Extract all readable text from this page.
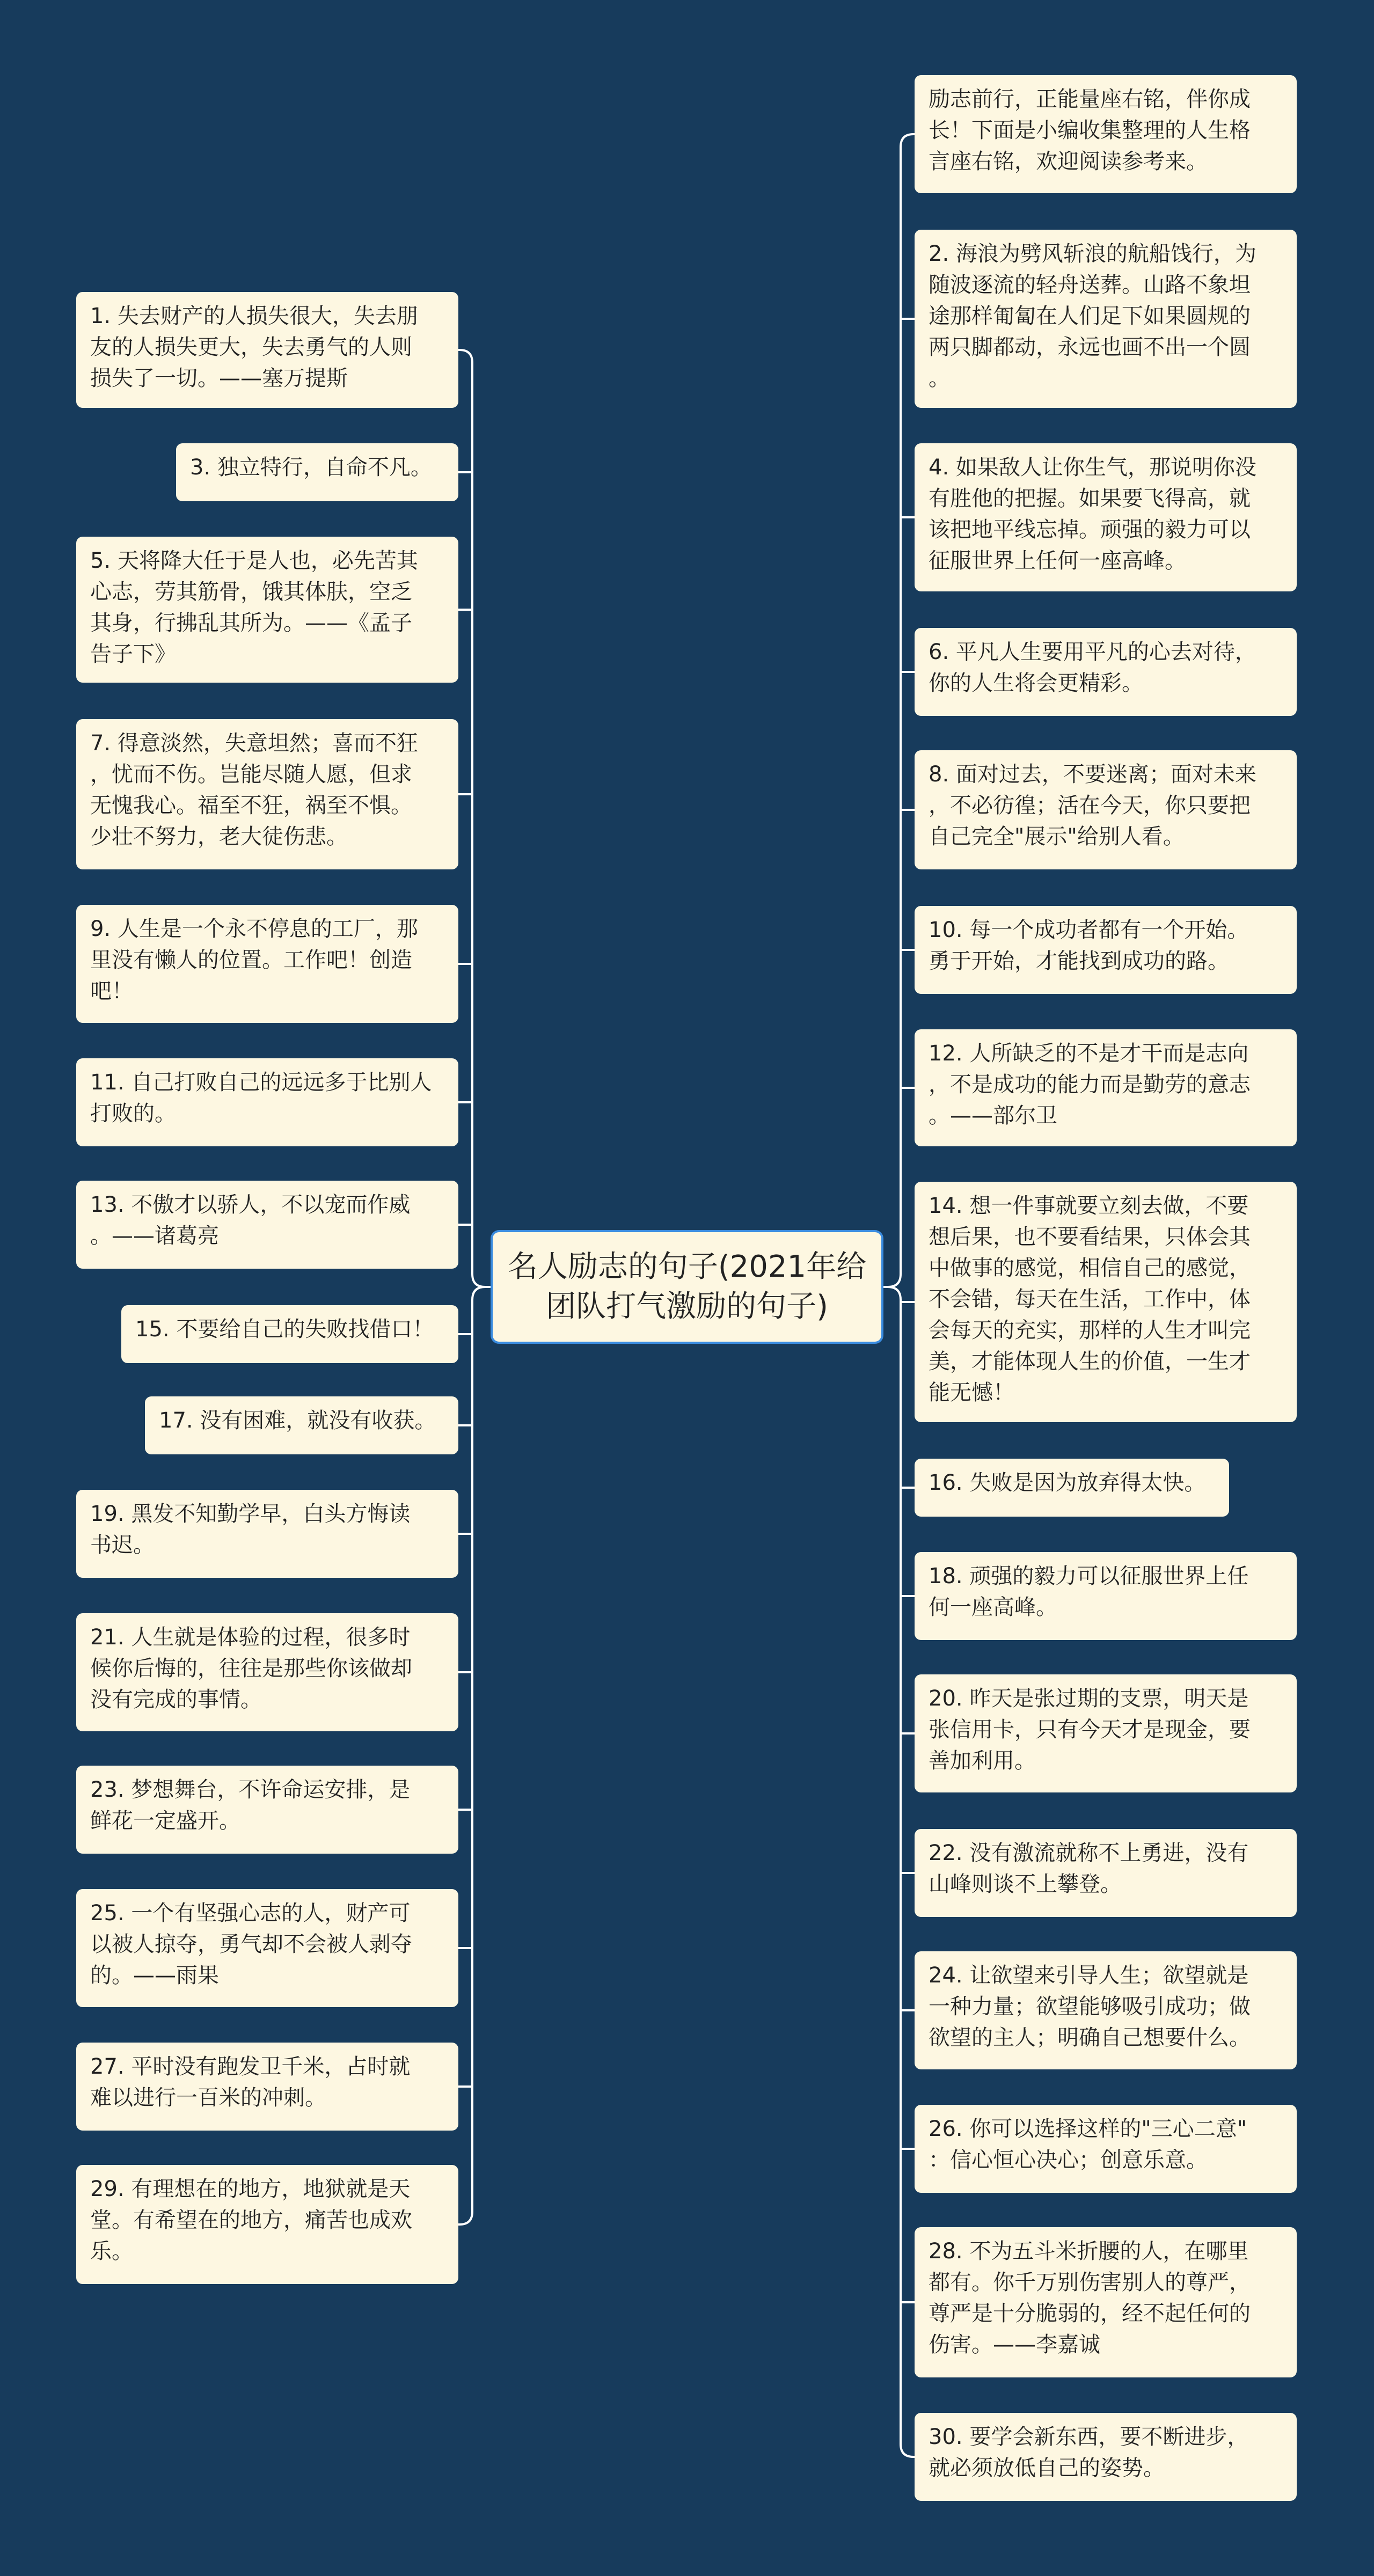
名人励志的句子(2021年给
团队打气激励的句子)
1. 失去财产的人损失很大，失去朋
友的人损失更大，失去勇气的人则
损失了一切。——塞万提斯
3. 独立特行，自命不凡。
5. 天将降大任于是人也，必先苦其
心志，劳其筋骨，饿其体肤，空乏
其身，行拂乱其所为。——《孟子
告子下》
7. 得意淡然，失意坦然；喜而不狂
，忧而不伤。岂能尽随人愿，但求
无愧我心。福至不狂，祸至不惧。
少壮不努力，老大徒伤悲。
9. 人生是一个永不停息的工厂，那
里没有懒人的位置。工作吧！创造
吧！
11. 自己打败自己的远远多于比别人
打败的。
13. 不傲才以骄人，不以宠而作威
。——诸葛亮
15. 不要给自己的失败找借口！
17. 没有困难，就没有收获。
19. 黑发不知勤学早，白头方悔读
书迟。
21. 人生就是体验的过程，很多时
候你后悔的，往往是那些你该做却
没有完成的事情。
23. 梦想舞台，不许命运安排，是
鲜花一定盛开。
25. 一个有坚强心志的人，财产可
以被人掠夺，勇气却不会被人剥夺
的。——雨果
27. 平时没有跑发卫千米，占时就
难以进行一百米的冲刺。
29. 有理想在的地方，地狱就是天
堂。有希望在的地方，痛苦也成欢
乐。
励志前行，正能量座右铭，伴你成
长！下面是小编收集整理的人生格
言座右铭，欢迎阅读参考来。
2. 海浪为劈风斩浪的航船饯行，为
随波逐流的轻舟送葬。山路不象坦
途那样匍匐在人们足下如果圆规的
两只脚都动，永远也画不出一个圆
。
4. 如果敌人让你生气，那说明你没
有胜他的把握。如果要飞得高，就
该把地平线忘掉。顽强的毅力可以
征服世界上任何一座高峰。
6. 平凡人生要用平凡的心去对待，
你的人生将会更精彩。
8. 面对过去，不要迷离；面对未来
，不必彷徨；活在今天，你只要把
自己完全"展示"给别人看。
10. 每一个成功者都有一个开始。
勇于开始，才能找到成功的路。
12. 人所缺乏的不是才干而是志向
，不是成功的能力而是勤劳的意志
。——部尔卫
14. 想一件事就要立刻去做，不要
想后果，也不要看结果，只体会其
中做事的感觉，相信自己的感觉，
不会错，每天在生活，工作中，体
会每天的充实，那样的人生才叫完
美，才能体现人生的价值，一生才
能无憾！
16. 失败是因为放弃得太快。
18. 顽强的毅力可以征服世界上任
何一座高峰。
20. 昨天是张过期的支票，明天是
张信用卡，只有今天才是现金，要
善加利用。
22. 没有激流就称不上勇进，没有
山峰则谈不上攀登。
24. 让欲望来引导人生；欲望就是
一种力量；欲望能够吸引成功；做
欲望的主人；明确自己想要什么。
26. 你可以选择这样的"三心二意"
：信心恒心决心；创意乐意。
28. 不为五斗米折腰的人，在哪里
都有。你千万别伤害别人的尊严，
尊严是十分脆弱的，经不起任何的
伤害。——李嘉诚
30. 要学会新东西，要不断进步，
就必须放低自己的姿势。
